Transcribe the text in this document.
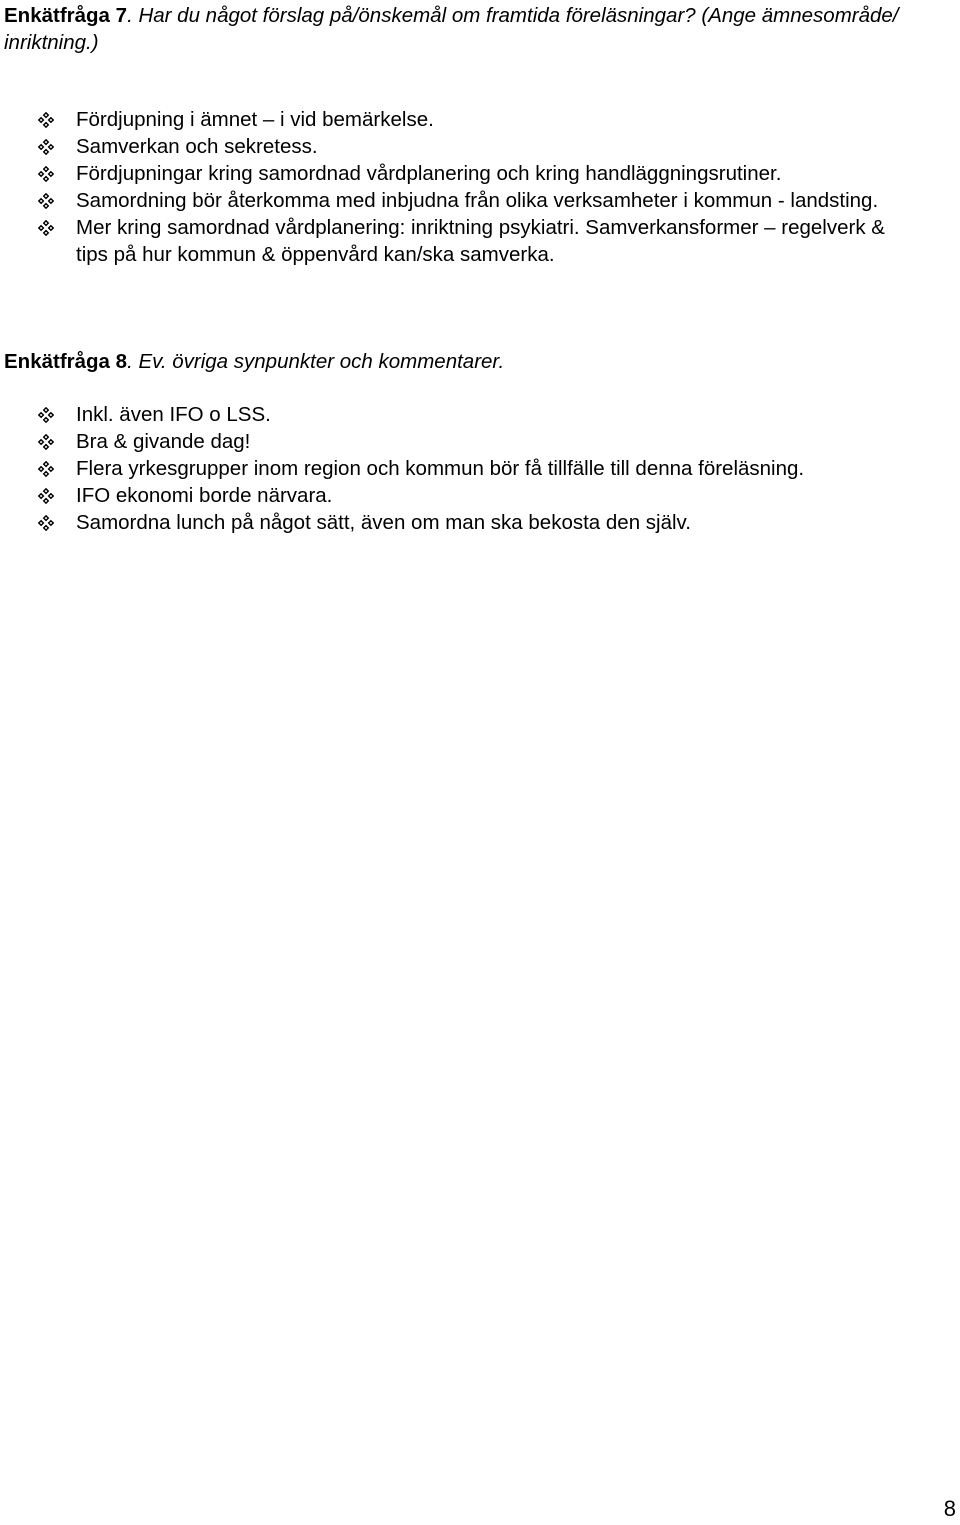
Enkätfråga 7. Har du något förslag på/önskemål om framtida föreläsningar? (Ange ämnesområde/ inriktning.)

Fördjupning i ämnet – i vid bemärkelse.
Samverkan och sekretess.
Fördjupningar kring samordnad vårdplanering och kring handläggningsrutiner.
Samordning bör återkomma med inbjudna från olika verksamheter i kommun - landsting.
Mer kring samordnad vårdplanering: inriktning psykiatri. Samverkansformer – regelverk & tips på hur kommun & öppenvård kan/ska samverka.

Enkätfråga 8. Ev. övriga synpunkter och kommentarer.

Inkl. även IFO o LSS.
Bra & givande dag!
Flera yrkesgrupper inom region och kommun bör få tillfälle till denna föreläsning.
IFO ekonomi borde närvara.
Samordna lunch på något sätt, även om man ska bekosta den själv.
8
